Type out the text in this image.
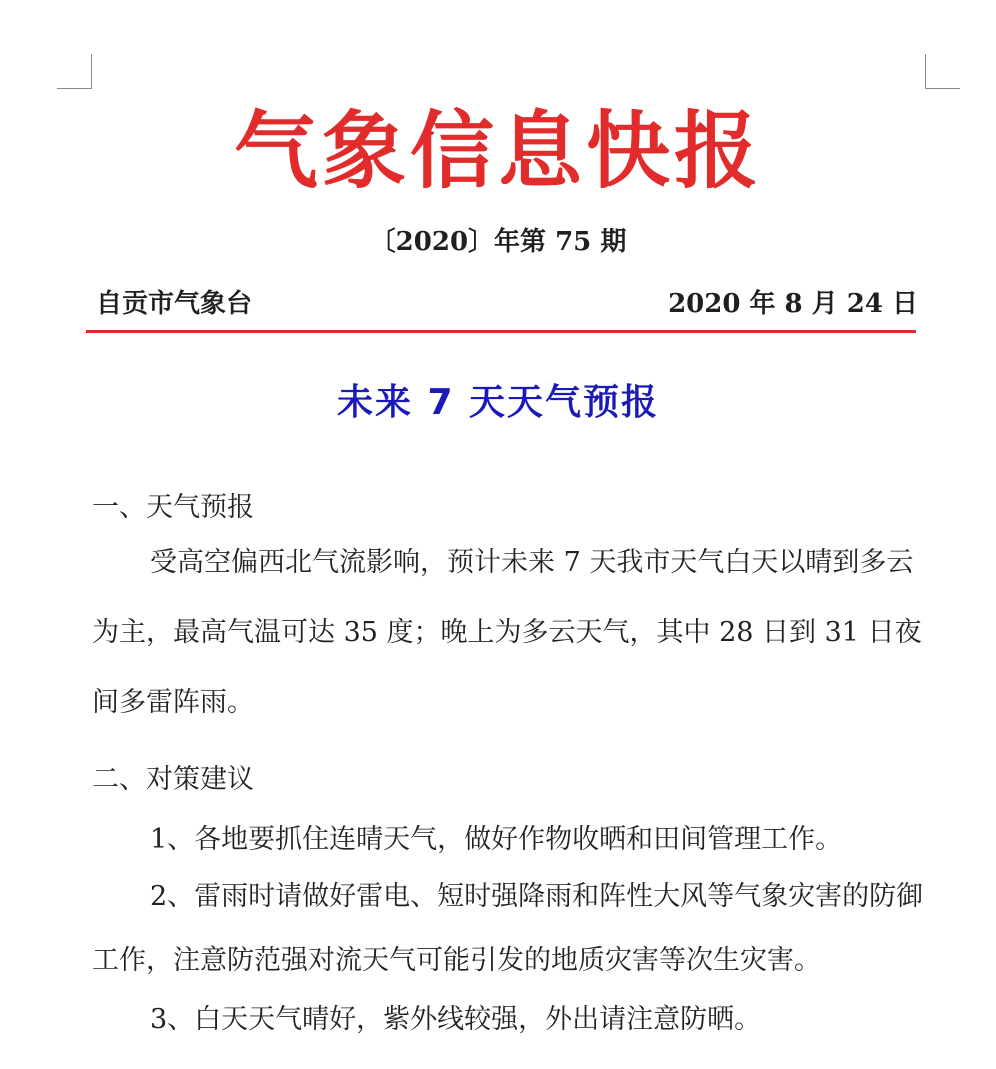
气象信息快报
〔2020〕年第 75 期
自贡市气象台	2020 年 8 月 24 日
未来 7 天天气预报
一、天气预报
受高空偏西北气流影响，预计未来 7 天我市天气白天以晴到多云为主，最高气温可达 35 度；晚上为多云天气，其中 28 日到 31 日夜间多雷阵雨。
二、对策建议
1、各地要抓住连晴天气，做好作物收晒和田间管理工作。
2、雷雨时请做好雷电、短时强降雨和阵性大风等气象灾害的防御工作，注意防范强对流天气可能引发的地质灾害等次生灾害。
3、白天天气晴好，紫外线较强，外出请注意防晒。
